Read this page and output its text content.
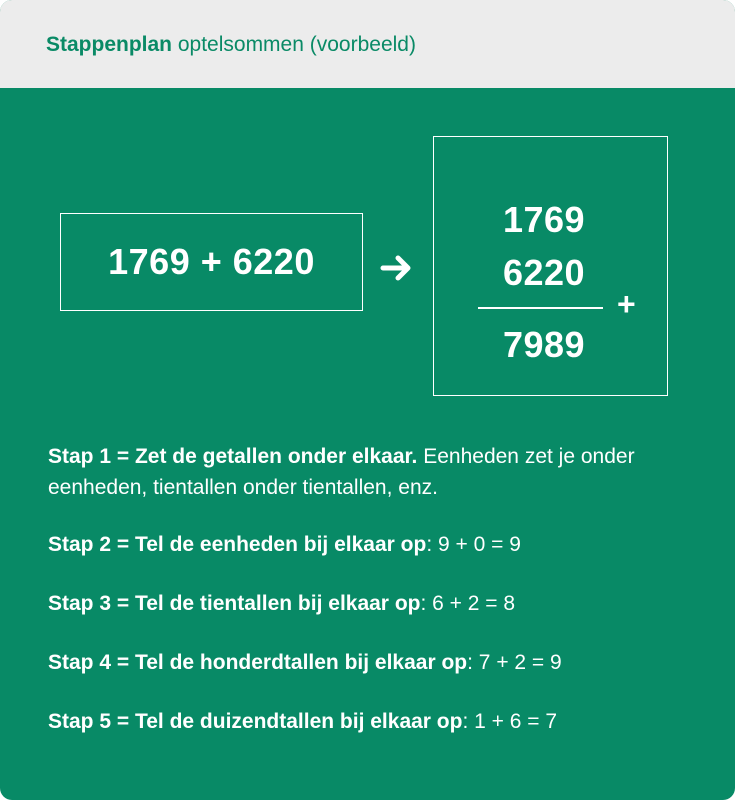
Stappenplan optelsommen (voorbeeld)
1769 + 6220
1769
6220
+
7989
Stap 1 = Zet de getallen onder elkaar. Eenheden zet je onder eenheden, tientallen onder tientallen, enz.
Stap 2 = Tel de eenheden bij elkaar op: 9 + 0 = 9
Stap 3 = Tel de tientallen bij elkaar op: 6 + 2 = 8
Stap 4 = Tel de honderdtallen bij elkaar op: 7 + 2 = 9
Stap 5 = Tel de duizendtallen bij elkaar op: 1 + 6 = 7
